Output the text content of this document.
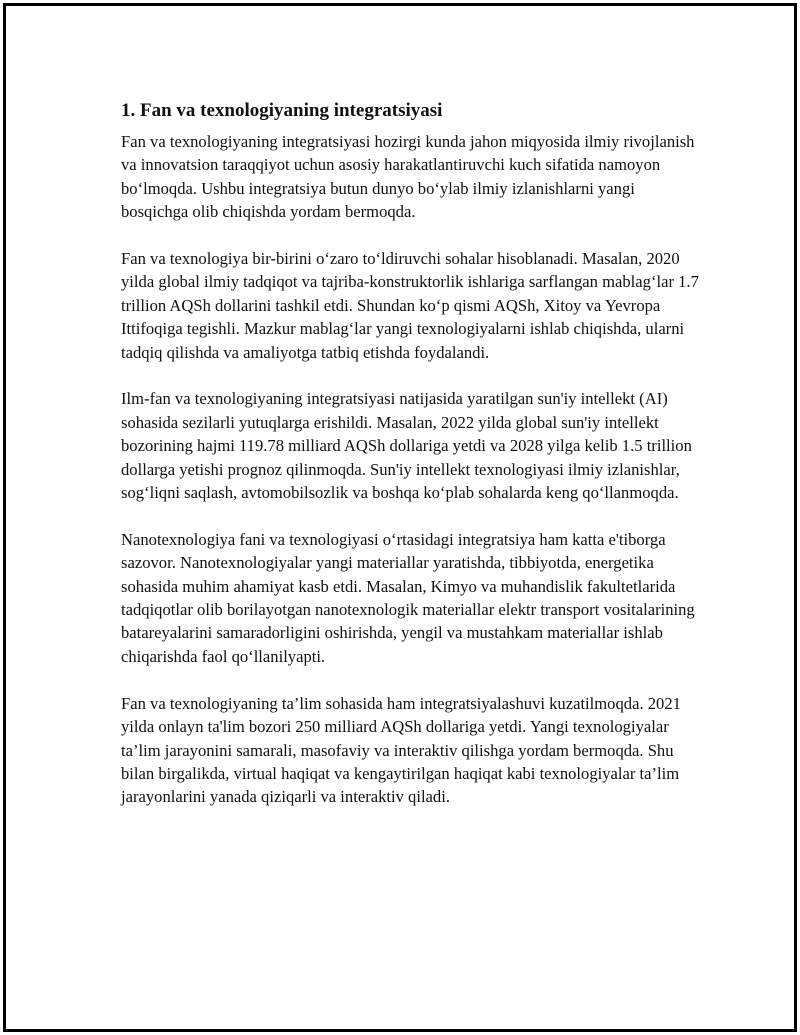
1. Fan va texnologiyaning integratsiyasi

Fan va texnologiyaning integratsiyasi hozirgi kunda jahon miqyosida ilmiy rivojlanish va innovatsion taraqqiyot uchun asosiy harakatlantiruvchi kuch sifatida namoyon boʻlmoqda. Ushbu integratsiya butun dunyo boʻylab ilmiy izlanishlarni yangi bosqichga olib chiqishda yordam bermoqda.

Fan va texnologiya bir-birini oʻzaro toʻldiruvchi sohalar hisoblanadi. Masalan, 2020 yilda global ilmiy tadqiqot va tajriba-konstruktorlik ishlariga sarflangan mablagʻlar 1.7 trillion AQSh dollarini tashkil etdi. Shundan koʻp qismi AQSh, Xitoy va Yevropa Ittifoqiga tegishli. Mazkur mablagʻlar yangi texnologiyalarni ishlab chiqishda, ularni tadqiq qilishda va amaliyotga tatbiq etishda foydalandi.

Ilm-fan va texnologiyaning integratsiyasi natijasida yaratilgan sun'iy intellekt (AI) sohasida sezilarli yutuqlarga erishildi. Masalan, 2022 yilda global sun'iy intellekt bozorining hajmi 119.78 milliard AQSh dollariga yetdi va 2028 yilga kelib 1.5 trillion dollarga yetishi prognoz qilinmoqda. Sun'iy intellekt texnologiyasi ilmiy izlanishlar, sogʻliqni saqlash, avtomobilsozlik va boshqa koʻplab sohalarda keng qoʻllanmoqda.

Nanotexnologiya fani va texnologiyasi oʻrtasidagi integratsiya ham katta e'tiborga sazovor. Nanotexnologiyalar yangi materiallar yaratishda, tibbiyotda, energetika sohasida muhim ahamiyat kasb etdi. Masalan, Kimyo va muhandislik fakultetlarida tadqiqotlar olib borilayotgan nanotexnologik materiallar elektr transport vositalarining batareyalarini samaradorligini oshirishda, yengil va mustahkam materiallar ishlab chiqarishda faol qoʻllanilyapti.

Fan va texnologiyaning ta’lim sohasida ham integratsiyalashuvi kuzatilmoqda. 2021 yilda onlayn ta'lim bozori 250 milliard AQSh dollariga yetdi. Yangi texnologiyalar ta’lim jarayonini samarali, masofaviy va interaktiv qilishga yordam bermoqda. Shu bilan birgalikda, virtual haqiqat va kengaytirilgan haqiqat kabi texnologiyalar ta’lim jarayonlarini yanada qiziqarli va interaktiv qiladi.
